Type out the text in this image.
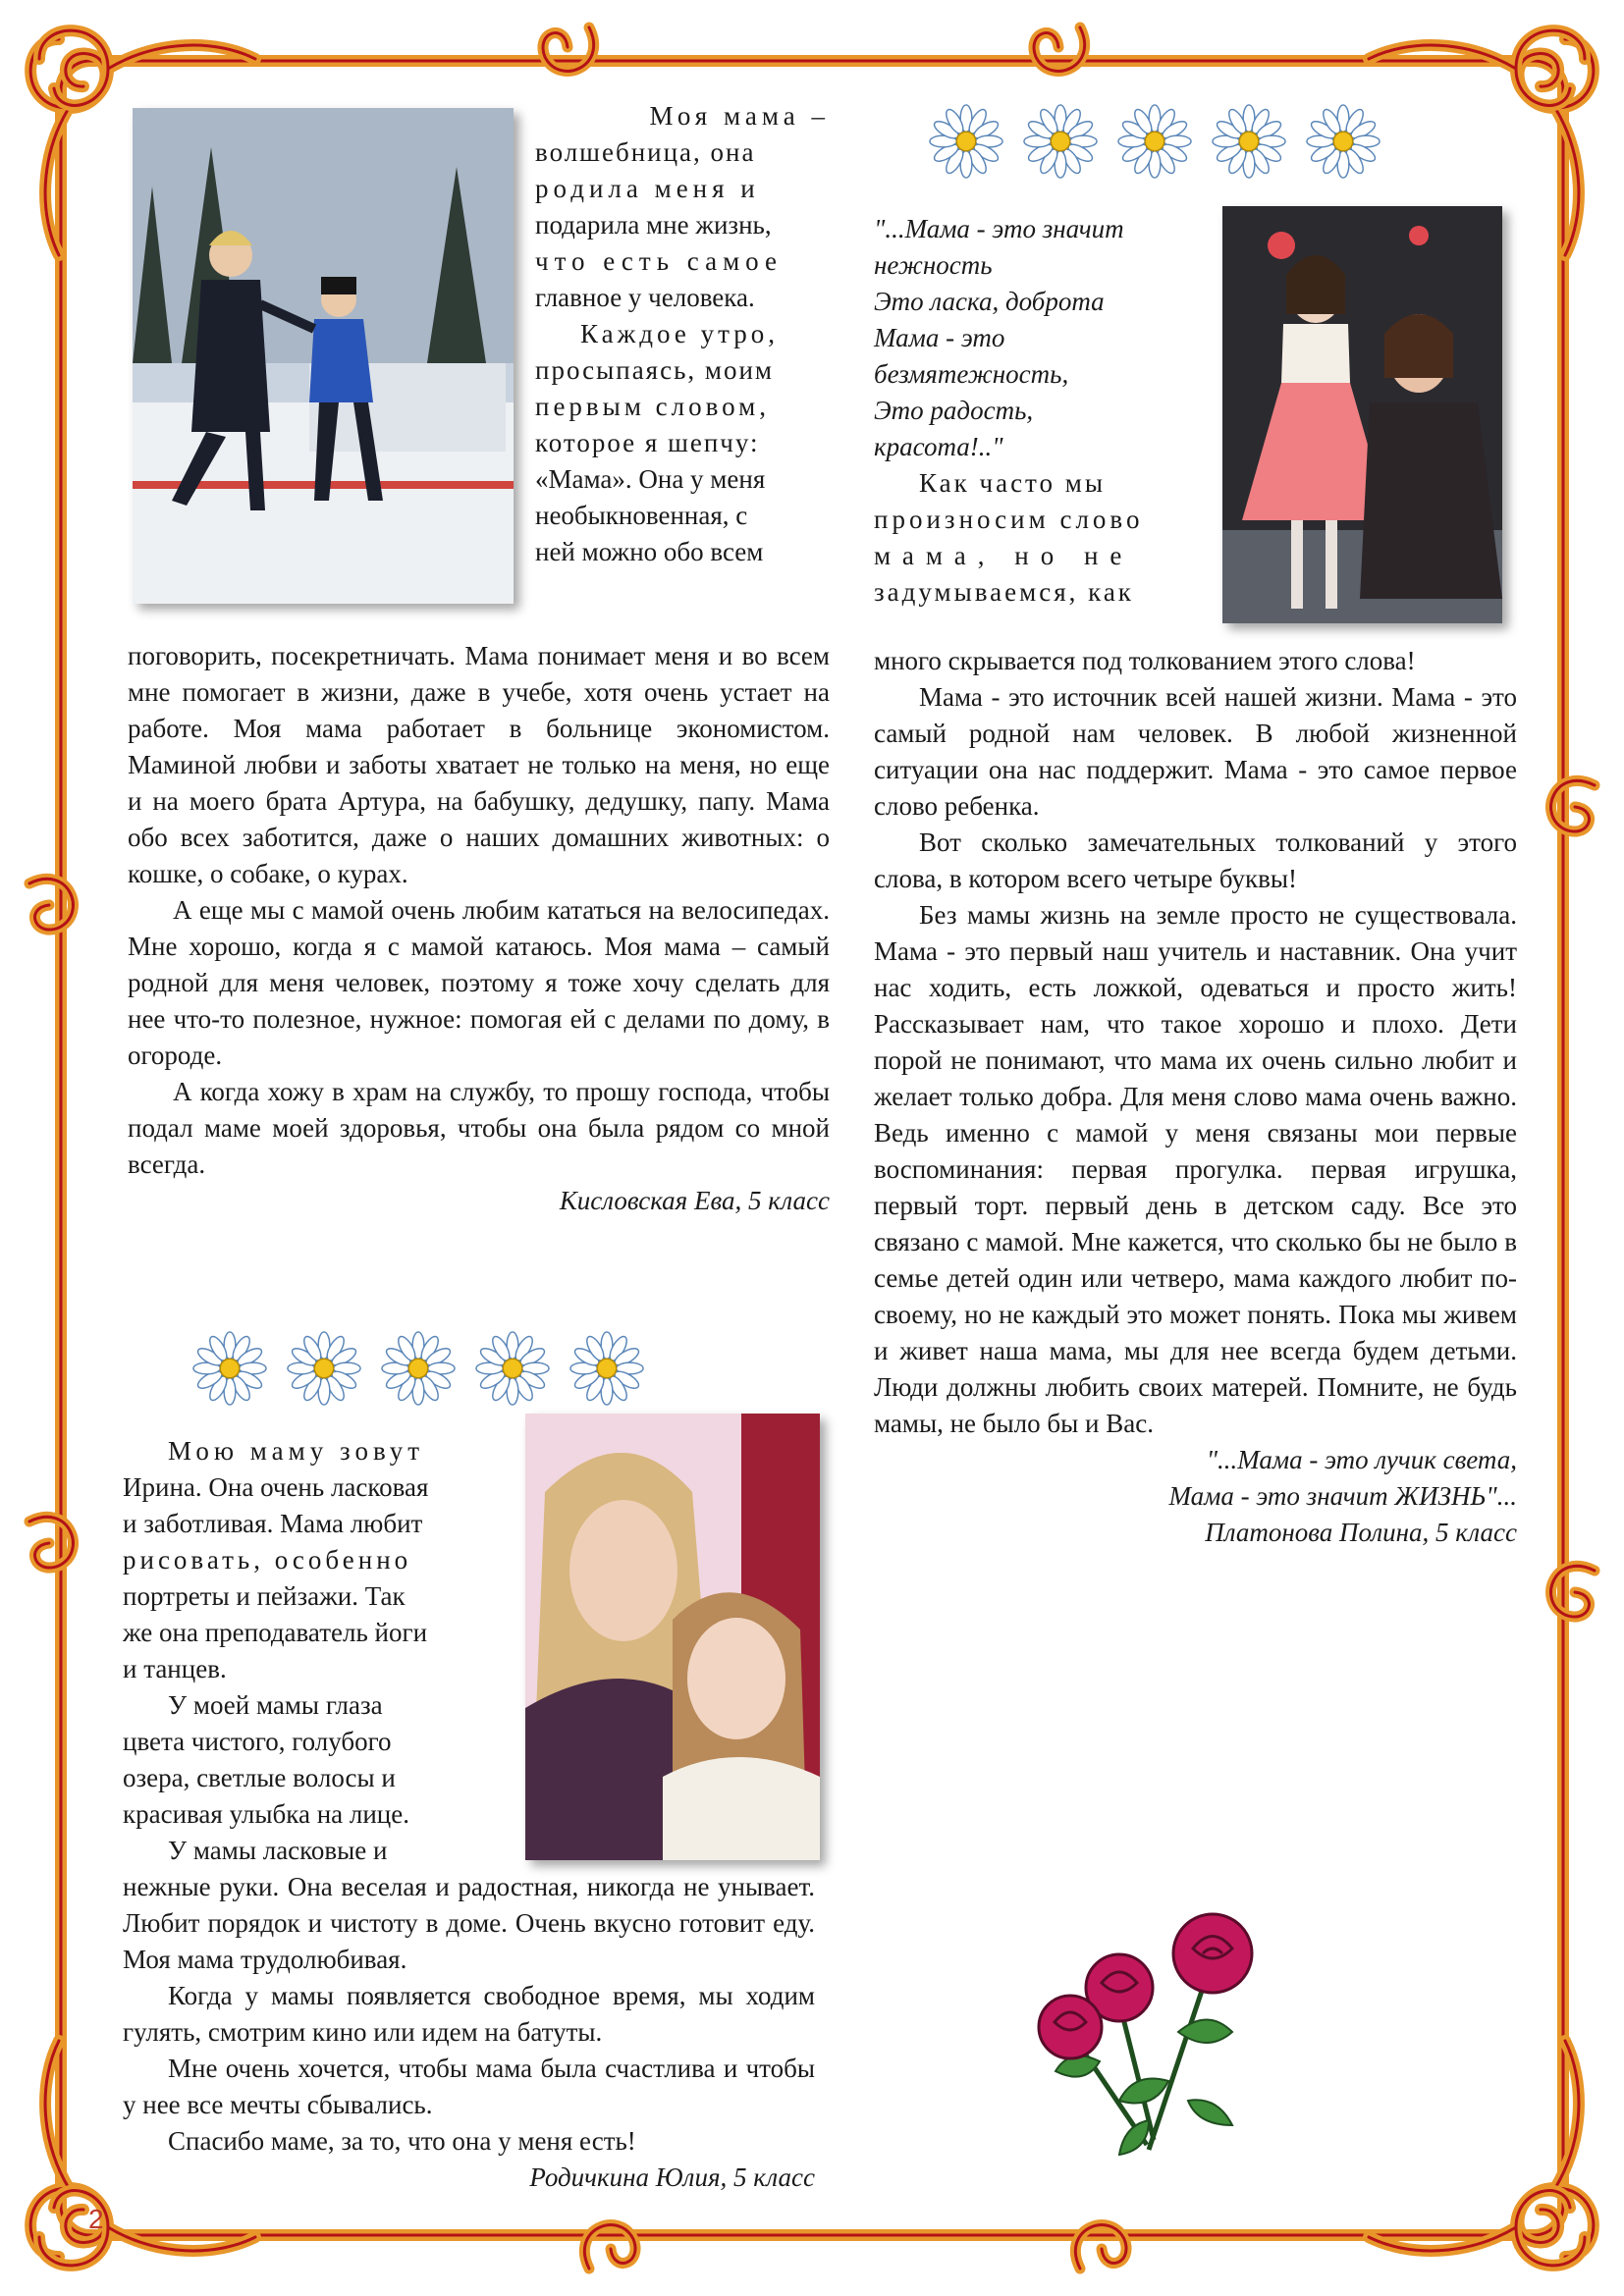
Моя мама –

волшебница, она

родила меня и

подарила мне жизнь,

что есть самое

главное у человека.

Каждое утро,

просыпаясь, моим

первым словом,

которое я шепчу:

«Мама». Она у меня

необыкновенная, с

ней можно обо всем

поговорить, посекретничать. Мама понимает меня и во всем мне помогает в жизни, даже в учебе, хотя очень устает на работе. Моя мама работает в больнице экономистом. Маминой любви и заботы хватает не только на меня, но еще и на моего брата Артура, на бабушку, дедушку, папу. Мама обо всех заботится, даже о наших домашних животных: о кошке, о собаке, о курах.

А еще мы с мамой очень любим кататься на велосипедах. Мне хорошо, когда я с мамой катаюсь. Моя мама – самый родной для меня человек, поэтому я тоже хочу сделать для нее что-то полезное, нужное: помогая ей с делами по дому, в огороде.

А когда хожу в храм на службу, то прошу господа, чтобы подал маме моей здоровья, чтобы она была рядом со мной всегда.

Кисловская Ева, 5 класс

Мою маму зовут

Ирина. Она очень ласковая

и заботливая. Мама любит

рисовать, особенно

портреты и пейзажи. Так

же она преподаватель йоги

и танцев.

У моей мамы глаза

цвета чистого, голубого

озера, светлые волосы и

красивая улыбка на лице.

У мамы ласковые и

нежные руки. Она веселая и радостная, никогда не унывает. Любит порядок и чистоту в доме. Очень вкусно готовит еду. Моя мама трудолюбивая.

Когда у мамы появляется свободное время, мы ходим гулять, смотрим кино или идем на батуты.

Мне очень хочется, чтобы мама была счастлива и чтобы у нее все мечты сбывались.

Спасибо маме, за то, что она у меня есть!

Родичкина Юлия, 5 класс

"...Мама - это значит

нежность

Это ласка, доброта

Мама - это

безмятежность,

Это радость,

красота!.."

Как часто мы

произносим слово

мама, но не

задумываемся, как

много скрывается под толкованием этого слова!

Мама - это источник всей нашей жизни. Мама - это самый родной нам человек. В любой жизненной ситуации она нас поддержит. Мама - это самое первое слово ребенка.

Вот сколько замечательных толкований у этого слова, в котором всего четыре буквы!

Без мамы жизнь на земле просто не существовала. Мама - это первый наш учитель и наставник. Она учит нас ходить, есть ложкой, одеваться и просто жить! Рассказывает нам, что такое хорошо и плохо. Дети порой не понимают, что мама их очень сильно любит и желает только добра. Для меня слово мама очень важно. Ведь именно с мамой у меня связаны мои первые воспоминания: первая прогулка. первая игрушка, первый торт. первый день в детском саду. Все это связано с мамой. Мне кажется, что сколько бы не было в семье детей один или четверо, мама каждого любит по-своему, но не каждый это может понять. Пока мы живем и живет наша мама, мы для нее всегда будем детьми. Люди должны любить своих матерей. Помните, не будь мамы, не было бы и Вас.

"...Мама - это лучик света,

Мама - это значит ЖИЗНЬ"...

Платонова Полина, 5 класс

2
